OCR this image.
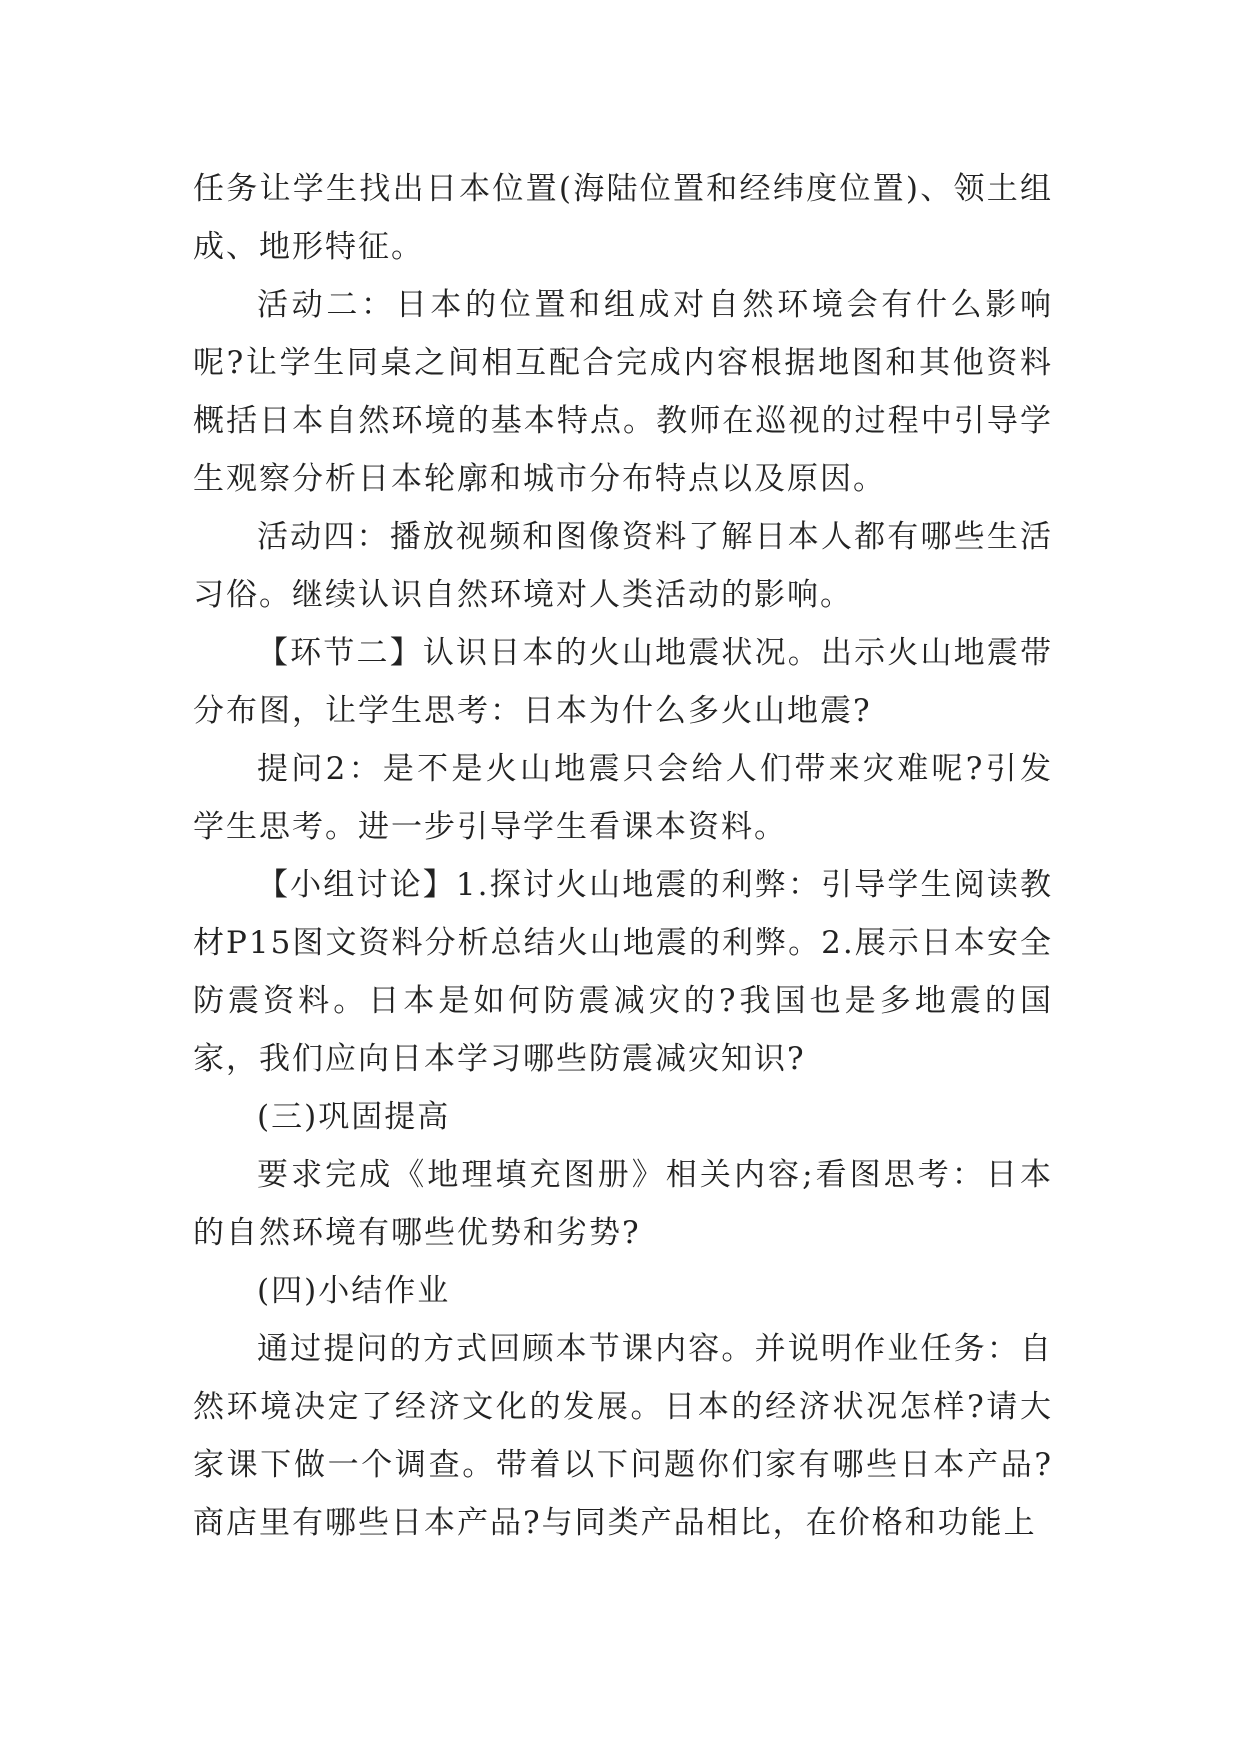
任务让学生找出日本位置(海陆位置和经纬度位置)、领土组成、地形特征。

活动二：日本的位置和组成对自然环境会有什么影响呢?让学生同桌之间相互配合完成内容根据地图和其他资料概括日本自然环境的基本特点。教师在巡视的过程中引导学生观察分析日本轮廓和城市分布特点以及原因。

活动四：播放视频和图像资料了解日本人都有哪些生活习俗。继续认识自然环境对人类活动的影响。

【环节二】认识日本的火山地震状况。出示火山地震带分布图，让学生思考：日本为什么多火山地震?

提问2：是不是火山地震只会给人们带来灾难呢?引发学生思考。进一步引导学生看课本资料。

【小组讨论】1.探讨火山地震的利弊：引导学生阅读教材P15图文资料分析总结火山地震的利弊。2.展示日本安全防震资料。日本是如何防震减灾的?我国也是多地震的国家，我们应向日本学习哪些防震减灾知识?

(三)巩固提高

要求完成《地理填充图册》相关内容;看图思考：日本的自然环境有哪些优势和劣势?

(四)小结作业

通过提问的方式回顾本节课内容。并说明作业任务：自然环境决定了经济文化的发展。日本的经济状况怎样?请大家课下做一个调查。带着以下问题你们家有哪些日本产品?商店里有哪些日本产品?与同类产品相比，在价格和功能上
